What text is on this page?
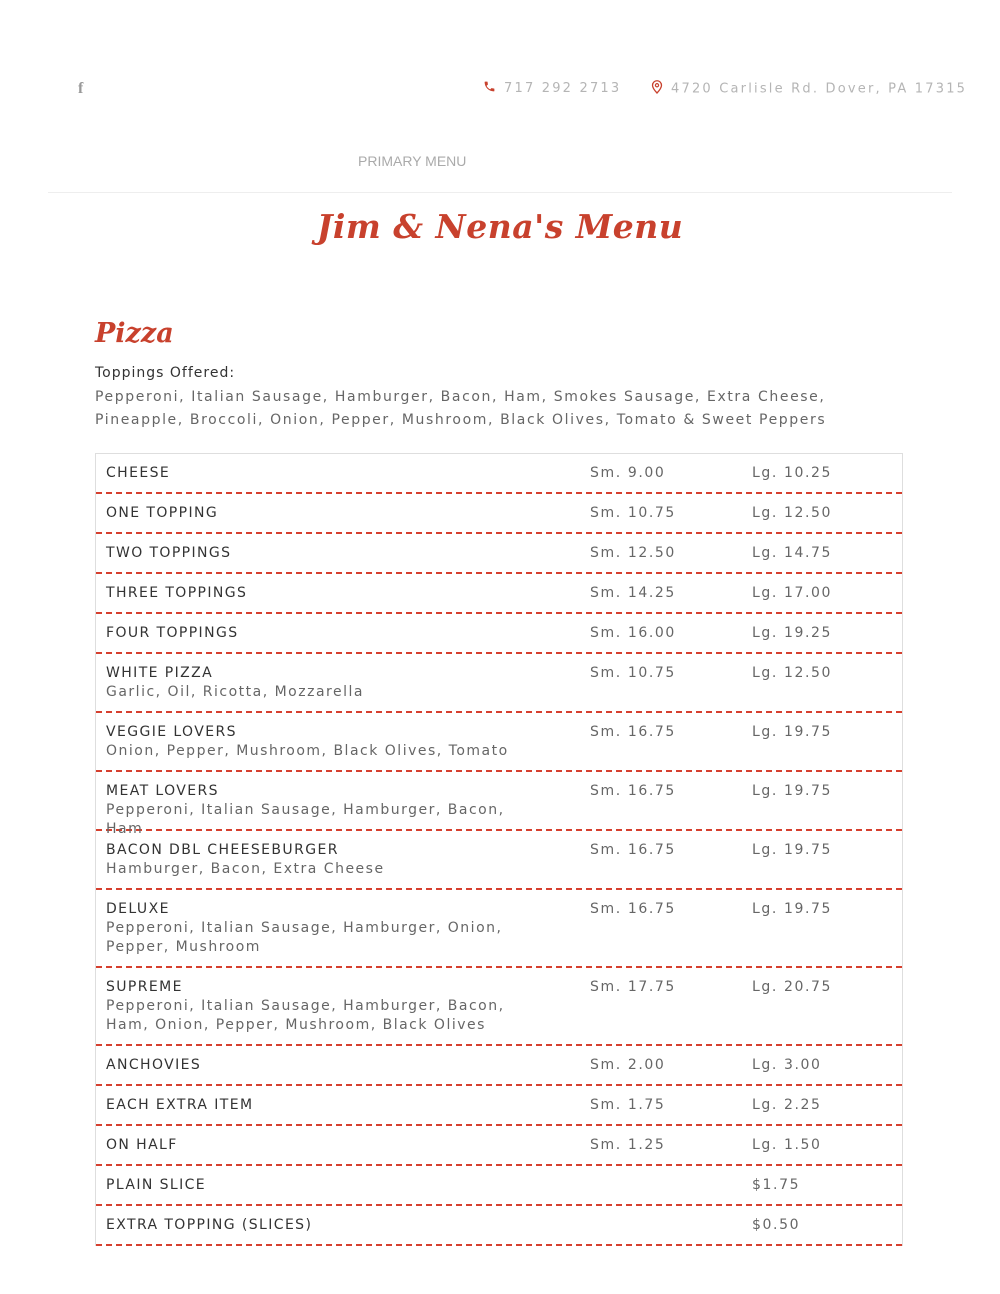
f	717 292 2713	4720 Carlisle Rd. Dover, PA 17315
PRIMARY MENU
Jim & Nena's Menu
Pizza
Toppings Offered:
Pepperoni, Italian Sausage, Hamburger, Bacon, Ham, Smokes Sausage, Extra Cheese, Pineapple, Broccoli, Onion, Pepper, Mushroom, Black Olives, Tomato & Sweet Peppers
CHEESE	Sm. 9.00	Lg. 10.25
ONE TOPPING	Sm. 10.75	Lg. 12.50
TWO TOPPINGS	Sm. 12.50	Lg. 14.75
THREE TOPPINGS	Sm. 14.25	Lg. 17.00
FOUR TOPPINGS	Sm. 16.00	Lg. 19.25
WHITE PIZZA
Garlic, Oil, Ricotta, Mozzarella
Sm. 10.75	Lg. 12.50
VEGGIE LOVERS
Onion, Pepper, Mushroom, Black Olives, Tomato
Sm. 16.75	Lg. 19.75
MEAT LOVERS
Pepperoni, Italian Sausage, Hamburger, Bacon, Ham
Sm. 16.75	Lg. 19.75
BACON DBL CHEESEBURGER
Hamburger, Bacon, Extra Cheese
Sm. 16.75	Lg. 19.75
DELUXE
Pepperoni, Italian Sausage, Hamburger, Onion, Pepper, Mushroom
Sm. 16.75	Lg. 19.75
SUPREME
Pepperoni, Italian Sausage, Hamburger, Bacon, Ham, Onion, Pepper, Mushroom, Black Olives
Sm. 17.75	Lg. 20.75
ANCHOVIES	Sm. 2.00	Lg. 3.00
EACH EXTRA ITEM	Sm. 1.75	Lg. 2.25
ON HALF	Sm. 1.25	Lg. 1.50
PLAIN SLICE	$1.75
EXTRA TOPPING (SLICES)	$0.50
